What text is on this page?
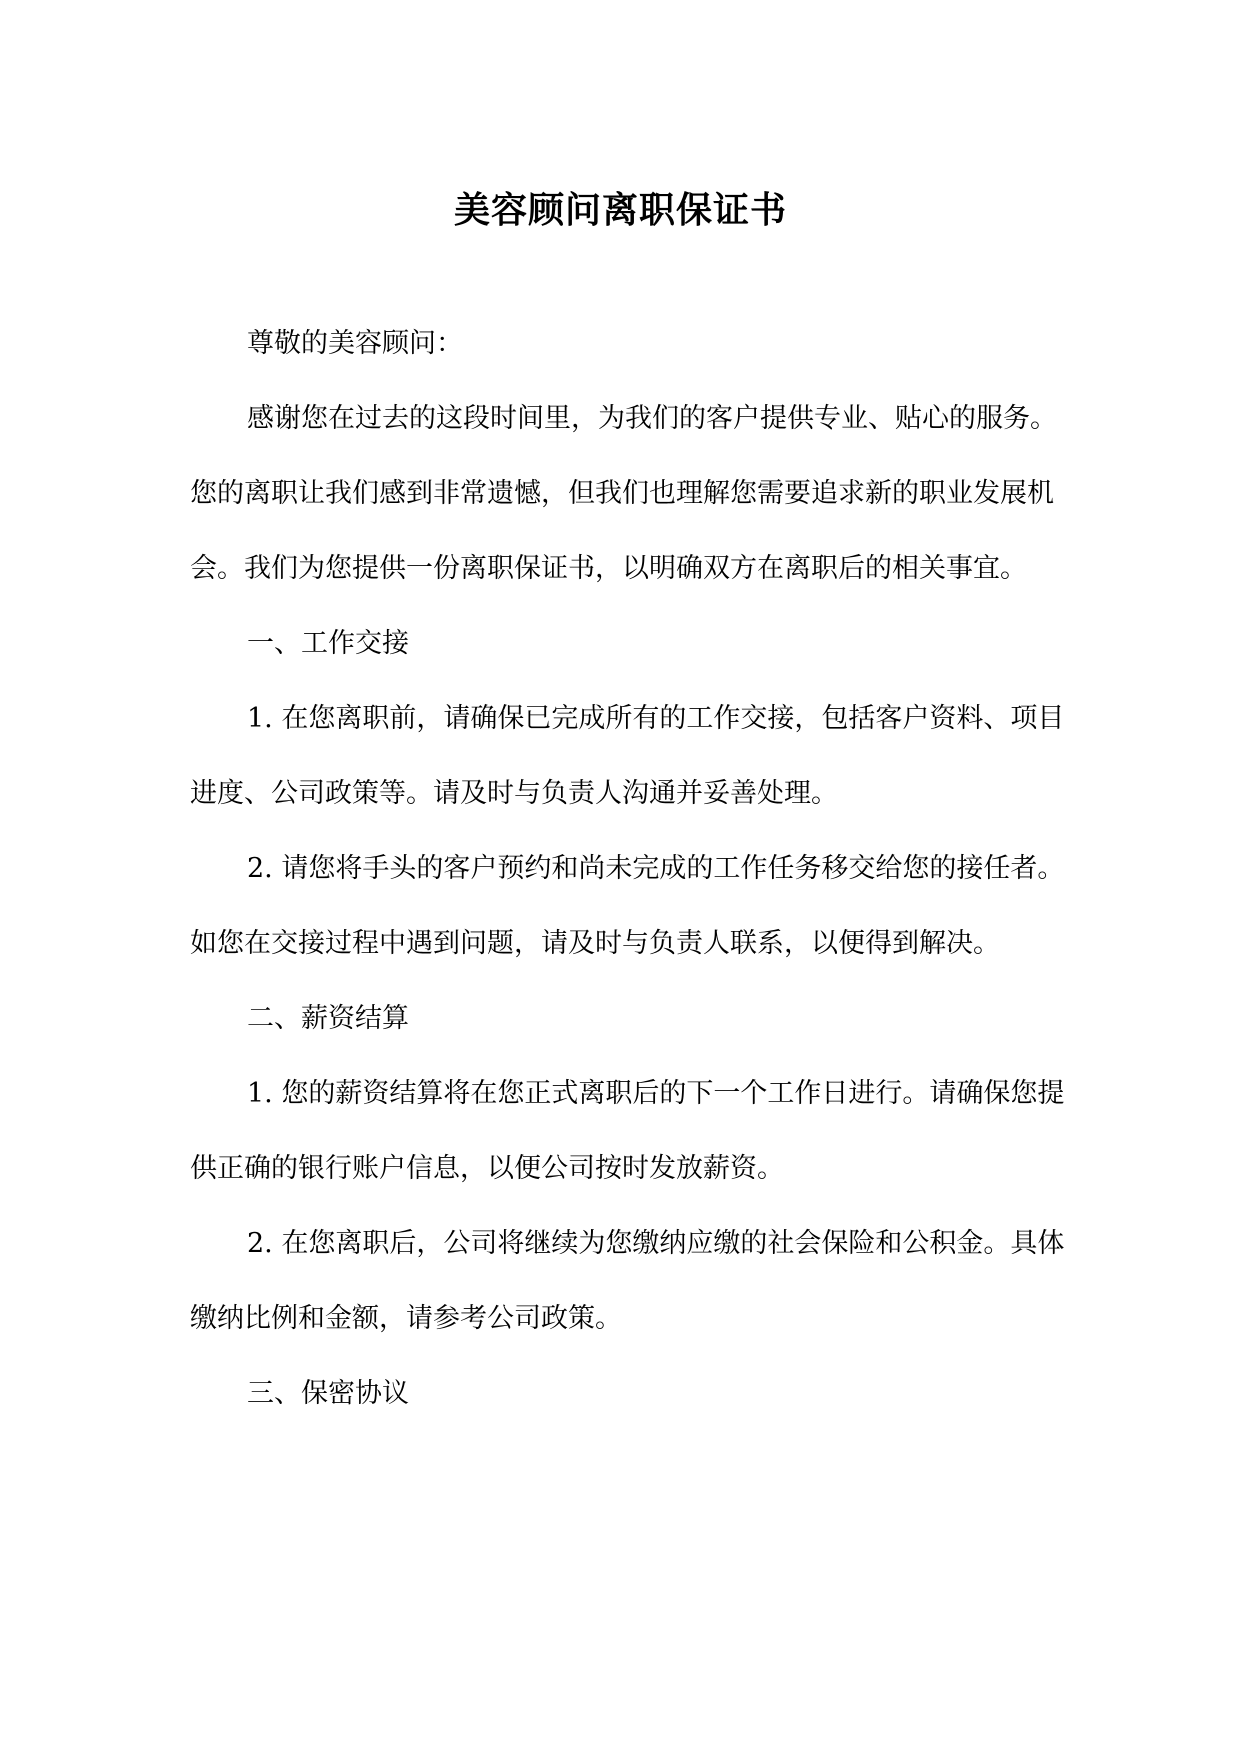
美容顾问离职保证书

尊敬的美容顾问：

感谢您在过去的这段时间里，为我们的客户提供专业、贴心的服务。您的离职让我们感到非常遗憾，但我们也理解您需要追求新的职业发展机会。我们为您提供一份离职保证书，以明确双方在离职后的相关事宜。

一、工作交接

1. 在您离职前，请确保已完成所有的工作交接，包括客户资料、项目进度、公司政策等。请及时与负责人沟通并妥善处理。

2. 请您将手头的客户预约和尚未完成的工作任务移交给您的接任者。如您在交接过程中遇到问题，请及时与负责人联系，以便得到解决。

二、薪资结算

1. 您的薪资结算将在您正式离职后的下一个工作日进行。请确保您提供正确的银行账户信息，以便公司按时发放薪资。

2. 在您离职后，公司将继续为您缴纳应缴的社会保险和公积金。具体缴纳比例和金额，请参考公司政策。

三、保密协议
